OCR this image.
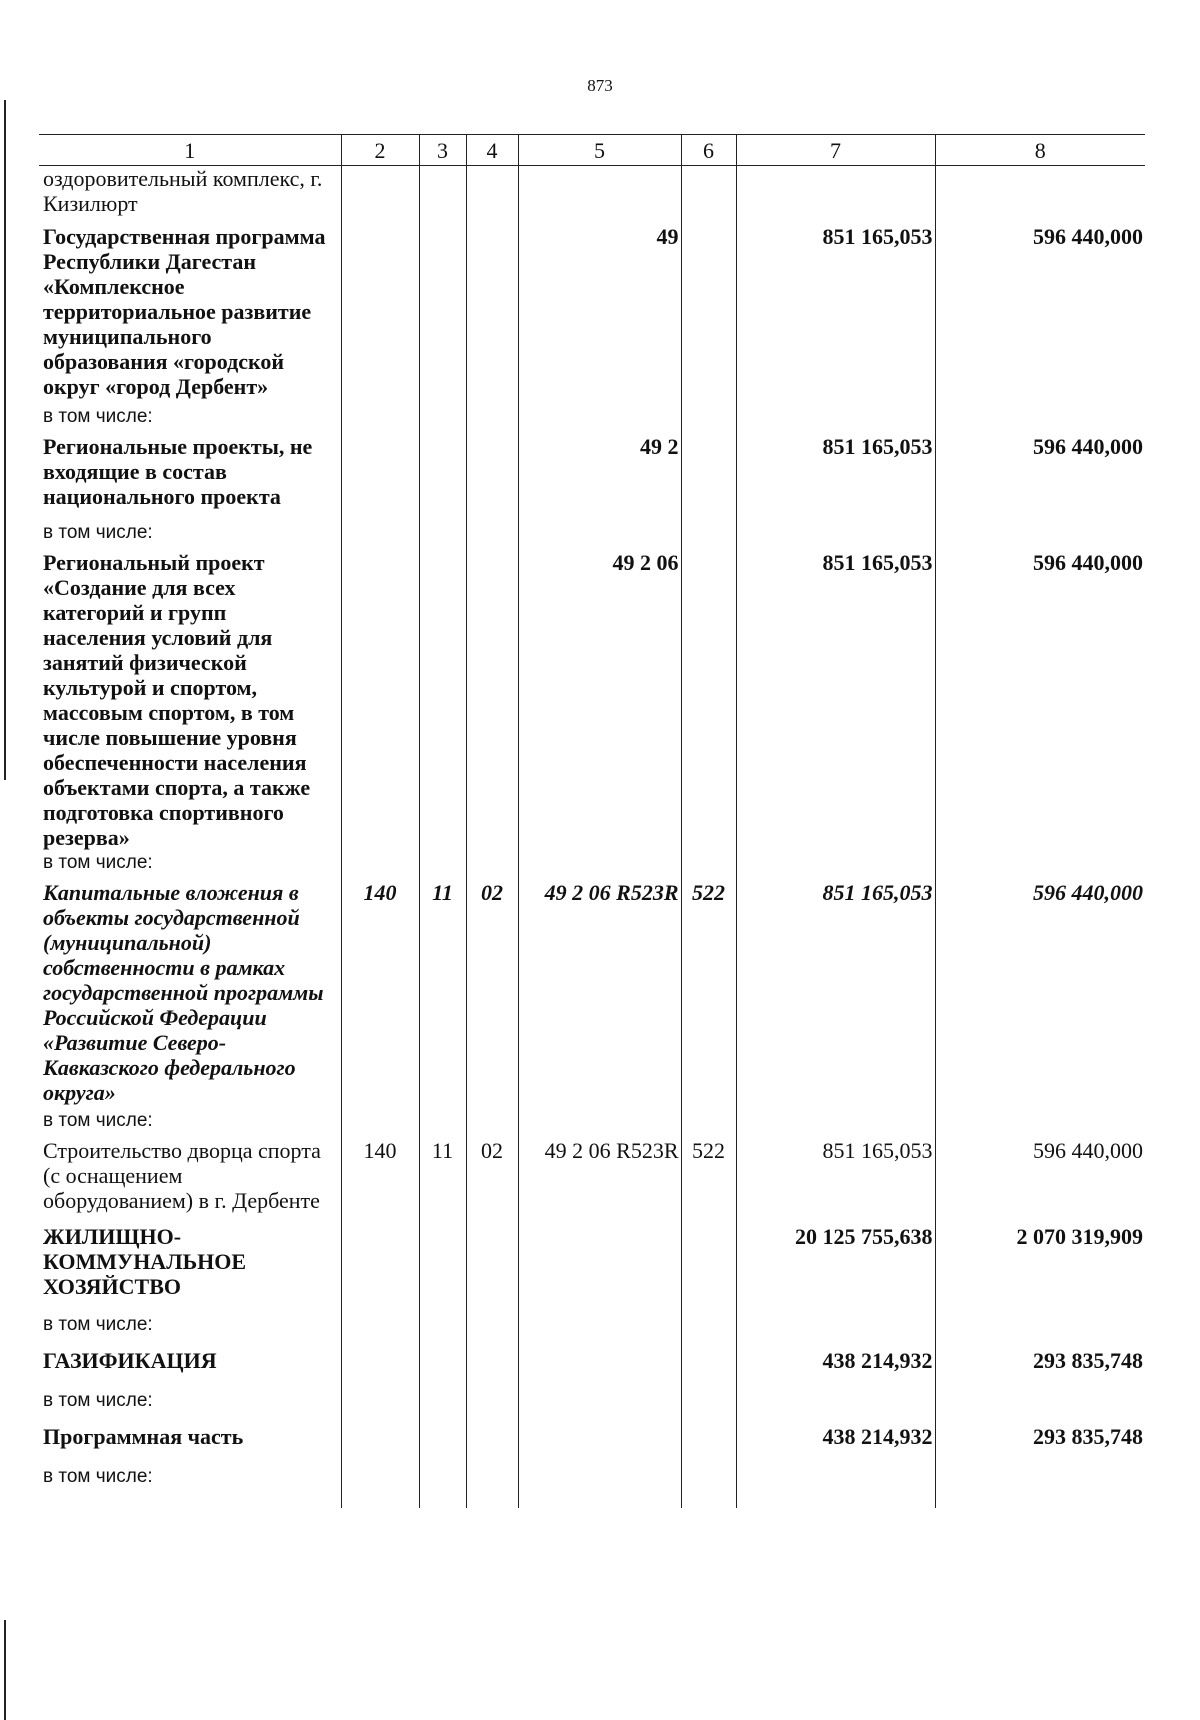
873
1	2	3	4	5	6	7	8
оздоровительный комплекс, г. Кизилюрт							
Государственная программа Республики Дагестан «Комплексное территориальное развитие муниципального образования «городской округ «город Дербент»				49		851 165,053	596 440,000
в том числе:							
Региональные проекты, не входящие в состав национального проекта				49 2		851 165,053	596 440,000
в том числе:							
Региональный проект «Создание для всех категорий и групп населения условий для занятий физической культурой и спортом, массовым спортом, в том числе повышение уровня обеспеченности населения объектами спорта, а также подготовка спортивного резерва»				49 2 06		851 165,053	596 440,000
в том числе:							
Капитальные вложения в объекты государственной (муниципальной) собственности в рамках государственной программы Российской Федерации «Развитие Северо-Кавказского федерального округа»	140	11	02	49 2 06 R523R	522	851 165,053	596 440,000
в том числе:							
Строительство дворца спорта (с оснащением оборудованием) в г. Дербенте	140	11	02	49 2 06 R523R	522	851 165,053	596 440,000
ЖИЛИЩНО-КОММУНАЛЬНОЕ ХОЗЯЙСТВО						20 125 755,638	2 070 319,909
в том числе:							
ГАЗИФИКАЦИЯ						438 214,932	293 835,748
в том числе:							
Программная часть						438 214,932	293 835,748
в том числе:							
